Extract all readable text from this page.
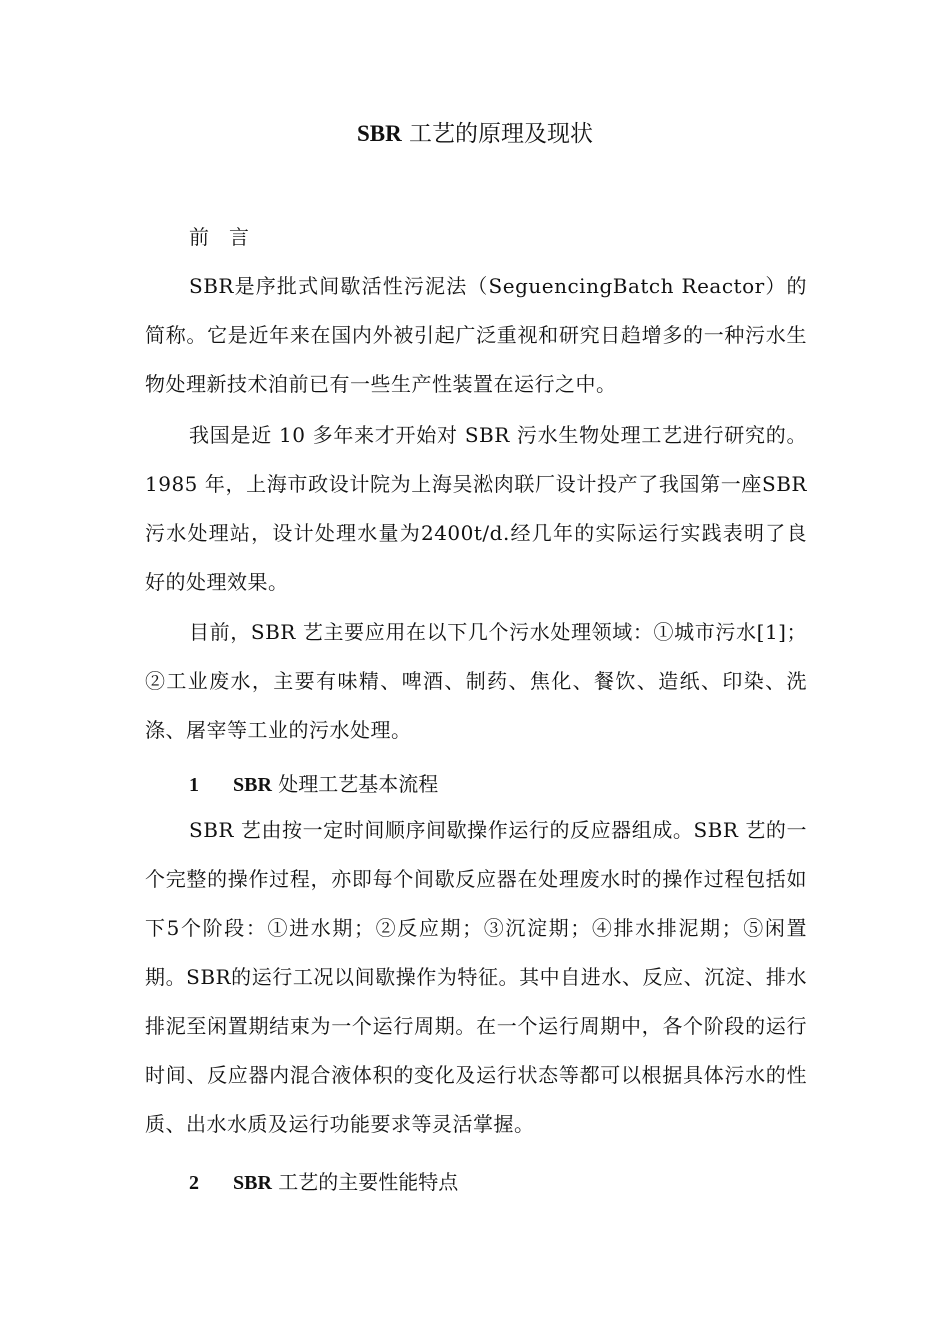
SBR 工艺的原理及现状
前　言
SBR是序批式间歇活性污泥法（SeguencingBatch Reactor）的简称。它是近年来在国内外被引起广泛重视和研究日趋增多的一种污水生物处理新技术洎前已有一些生产性装置在运行之中。
我国是近 10 多年来才开始对 SBR 污水生物处理工艺进行研究的。1985 年，上海市政设计院为上海吴淞肉联厂设计投产了我国第一座SBR污水处理站，设计处理水量为2400t/d.经几年的实际运行实践表明了良好的处理效果。
目前，SBR 艺主要应用在以下几个污水处理领域：①城市污水[1]；②工业废水，主要有味精、啤酒、制药、焦化、餐饮、造纸、印染、洗涤、屠宰等工业的污水处理。
1 SBR 处理工艺基本流程
SBR 艺由按一定时间顺序间歇操作运行的反应器组成。SBR 艺的一个完整的操作过程，亦即每个间歇反应器在处理废水时的操作过程包括如下5个阶段：①进水期；②反应期；③沉淀期；④排水排泥期；⑤闲置期。SBR的运行工况以间歇操作为特征。其中自进水、反应、沉淀、排水排泥至闲置期结束为一个运行周期。在一个运行周期中，各个阶段的运行时间、反应器内混合液体积的变化及运行状态等都可以根据具体污水的性质、出水水质及运行功能要求等灵活掌握。
2 SBR 工艺的主要性能特点
